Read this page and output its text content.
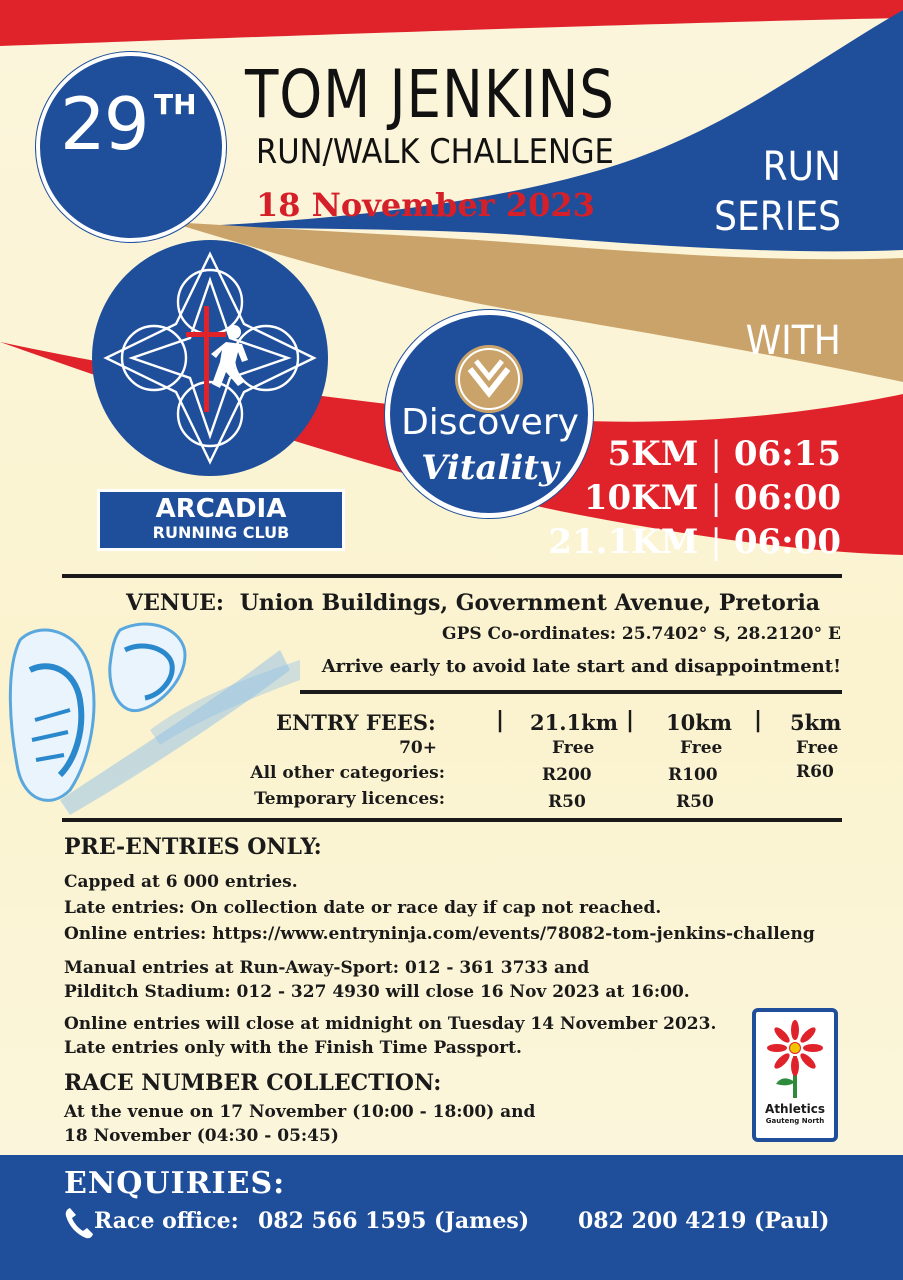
29 TH TOM JENKINS
RUN/WALK CHALLENGE
18 November 2023
RUN
SERIES
WITH
ARCADIA
RUNNING CLUB
Discovery
Vitality	5KM | 06:15
10KM | 06:00
21.1KM | 06:00
VENUE: Union Buildings, Government Avenue, Pretoria
GPS Co-ordinates: 25.7402° S, 28.2120° E
Arrive early to avoid late start and disappointment!
ENTRY FEES:	| 21.1km | 10km | 5km
70+	Free	Free	Free
All other categories:	R200	R100	R60
Temporary licences:	R50	R50
PRE-ENTRIES ONLY:
Capped at 6 000 entries.
Late entries: On collection date or race day if cap not reached.
Online entries: https://www.entryninja.com/events/78082-tom-jenkins-challeng
Manual entries at Run-Away-Sport: 012 - 361 3733 and
Pilditch Stadium: 012 - 327 4930 will close 16 Nov 2023 at 16:00.
Online entries will close at midnight on Tuesday 14 November 2023.
Late entries only with the Finish Time Passport.
RACE NUMBER COLLECTION:
At the venue on 17 November (10:00 - 18:00) and
18 November (04:30 - 05:45)
Athletics
Gauteng North
ENQUIRIES:
Race office: 082 566 1595 (James) 082 200 4219 (Paul)
